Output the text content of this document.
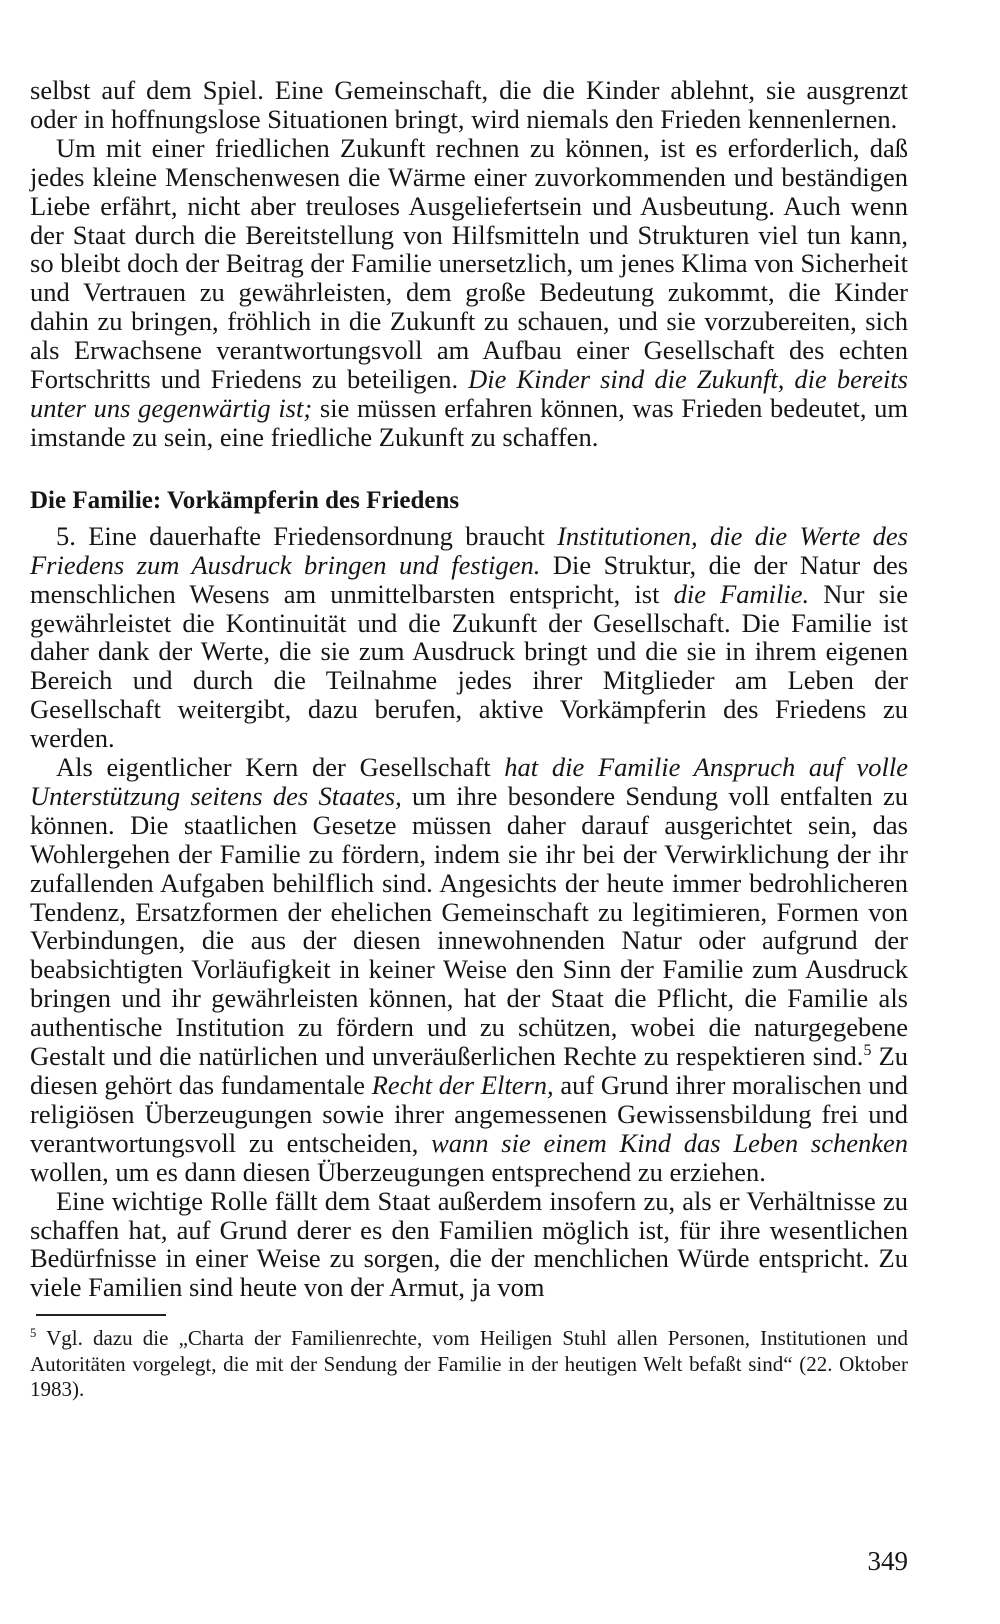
selbst auf dem Spiel. Eine Gemeinschaft, die die Kinder ablehnt, sie ausgrenzt oder in hoffnungslose Situationen bringt, wird niemals den Frieden kennenlernen.

Um mit einer friedlichen Zukunft rechnen zu können, ist es erforderlich, daß jedes kleine Menschenwesen die Wärme einer zuvorkommenden und beständigen Liebe erfährt, nicht aber treuloses Ausgeliefertsein und Ausbeutung. Auch wenn der Staat durch die Bereitstellung von Hilfsmitteln und Strukturen viel tun kann, so bleibt doch der Beitrag der Familie unersetzlich, um jenes Klima von Sicherheit und Vertrauen zu gewährleisten, dem große Bedeutung zukommt, die Kinder dahin zu bringen, fröhlich in die Zukunft zu schauen, und sie vorzubereiten, sich als Erwachsene verantwortungsvoll am Aufbau einer Gesellschaft des echten Fortschritts und Friedens zu beteiligen. Die Kinder sind die Zukunft, die bereits unter uns gegenwärtig ist; sie müssen erfahren können, was Frieden bedeutet, um imstande zu sein, eine friedliche Zukunft zu schaffen.

Die Familie: Vorkämpferin des Friedens

5. Eine dauerhafte Friedensordnung braucht Institutionen, die die Werte des Friedens zum Ausdruck bringen und festigen. Die Struktur, die der Natur des menschlichen Wesens am unmittelbarsten entspricht, ist die Familie. Nur sie gewährleistet die Kontinuität und die Zukunft der Gesellschaft. Die Familie ist daher dank der Werte, die sie zum Ausdruck bringt und die sie in ihrem eigenen Bereich und durch die Teilnahme jedes ihrer Mitglieder am Leben der Gesellschaft weitergibt, dazu berufen, aktive Vorkämpferin des Friedens zu werden.

Als eigentlicher Kern der Gesellschaft hat die Familie Anspruch auf volle Unterstützung seitens des Staates, um ihre besondere Sendung voll entfalten zu können. Die staatlichen Gesetze müssen daher darauf ausgerichtet sein, das Wohlergehen der Familie zu fördern, indem sie ihr bei der Verwirklichung der ihr zufallenden Aufgaben behilflich sind. Angesichts der heute immer bedrohlicheren Tendenz, Ersatzformen der ehelichen Gemeinschaft zu legitimieren, Formen von Verbindungen, die aus der diesen innewohnenden Natur oder aufgrund der beabsichtigten Vorläufigkeit in keiner Weise den Sinn der Familie zum Ausdruck bringen und ihr gewährleisten können, hat der Staat die Pflicht, die Familie als authentische Institution zu fördern und zu schützen, wobei die naturgegebene Gestalt und die natürlichen und unveräußerlichen Rechte zu respektieren sind.$^5$ Zu diesen gehört das fundamentale Recht der Eltern, auf Grund ihrer moralischen und religiösen Überzeugungen sowie ihrer angemessenen Gewissensbildung frei und verantwortungsvoll zu entscheiden, wann sie einem Kind das Leben schenken wollen, um es dann diesen Überzeugungen entsprechend zu erziehen.

Eine wichtige Rolle fällt dem Staat außerdem insofern zu, als er Verhältnisse zu schaffen hat, auf Grund derer es den Familien möglich ist, für ihre wesentlichen Bedürfnisse in einer Weise zu sorgen, die der menchlichen Würde entspricht. Zu viele Familien sind heute von der Armut, ja vom

$^5$ Vgl. dazu die „Charta der Familienrechte, vom Heiligen Stuhl allen Personen, Institutionen und Autoritäten vorgelegt, die mit der Sendung der Familie in der heutigen Welt befaßt sind“ (22. Oktober 1983).

349
